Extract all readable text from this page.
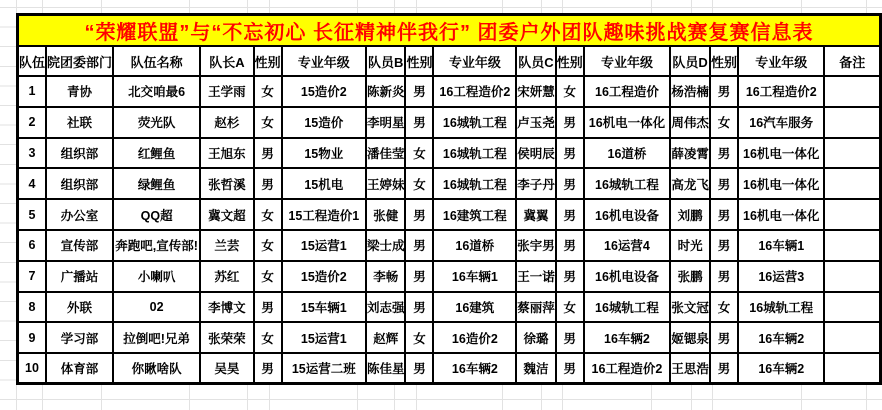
“荣耀联盟”与“不忘初心 长征精神伴我行” 团委户外团队趣味挑战赛复赛信息表															
队伍	院团委部门	队伍名称	队长A	性别	专业年级	队员B	性别	专业年级	队员C	性别	专业年级	队员D	性别	专业年级	备注

1	青协	北交咱最6	王学雨	女	15造价2	陈新炎	男	16工程造价2	宋妍慧	女	16工程造价	杨浩楠	男	16工程造价2	

2	社联	荧光队	赵杉	女	15造价	李明星	男	16城轨工程	卢玉尧	男	16机电一体化	周伟杰	女	16汽车服务	

3	组织部	红鲤鱼	王旭东	男	15物业	潘佳莹	女	16城轨工程	侯明辰	男	16道桥	薛凌霄	男	16机电一体化	

4	组织部	绿鲤鱼	张哲溪	男	15机电	王婷妹	女	16城轨工程	李子丹	男	16城轨工程	高龙飞	男	16机电一体化	

5	办公室	QQ超	冀文超	女	15工程造价1	张健	男	16建筑工程	冀翼	男	16机电设备	刘鹏	男	16机电一体化	

6	宣传部	奔跑吧,宣传部!	兰芸	女	15运营1	梁士成	男	16道桥	张宇男	男	16运营4	时光	男	16车辆1	

7	广播站	小喇叭	苏红	女	15造价2	李畅	男	16车辆1	王一诺	男	16机电设备	张鹏	男	16运营3	

8	外联	02	李博文	男	15车辆1	刘志强	男	16建筑	蔡丽萍	女	16城轨工程	张文冠	女	16城轨工程	

9	学习部	拉倒吧!兄弟	张荣荣	女	15运营1	赵辉	女	16造价2	徐璐	男	16车辆2	姬锶泉	男	16车辆2	

10	体育部	你瞅啥队	吴昊	男	15运营二班	陈佳星	男	16车辆2	魏洁	男	16工程造价2	王思浩	男	16车辆2	
